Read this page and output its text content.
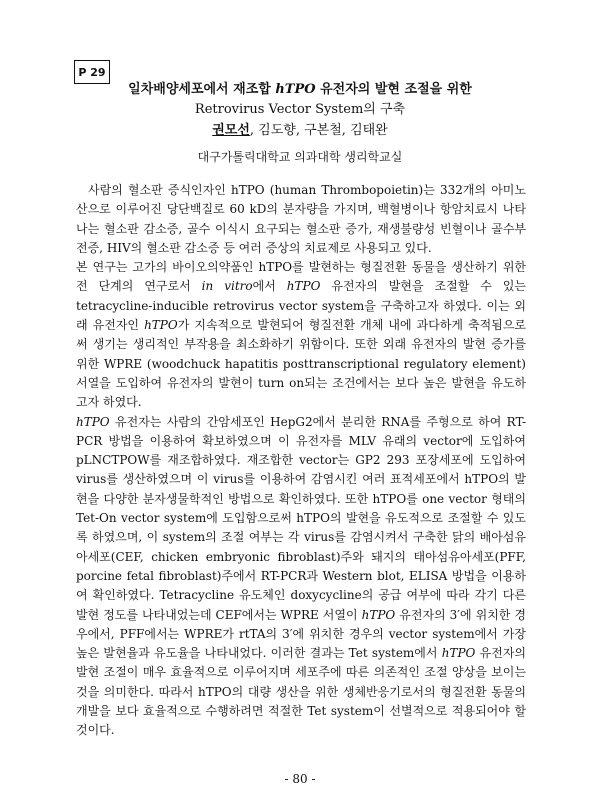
P 29
일차배양세포에서 재조합 hTPO 유전자의 발현 조절을 위한
Retrovirus Vector System의 구축
권모선, 김도향, 구본철, 김태완
대구가톨릭대학교 의과대학 생리학교실

사람의 혈소판 증식인자인 hTPO (human Thrombopoietin)는 332개의 아미노산으로 이루어진 당단백질로 60 kD의 분자량을 가지며, 백혈병이나 항암치료시 나타나는 혈소판 감소증, 골수 이식시 요구되는 혈소판 증가, 재생불량성 빈혈이나 골수부전증, HIV의 혈소판 감소증 등 여러 증상의 치료제로 사용되고 있다.

본 연구는 고가의 바이오의약품인 hTPO를 발현하는 형질전환 동물을 생산하기 위한 전 단계의 연구로서 in vitro에서 hTPO 유전자의 발현을 조절할 수 있는 tetracycline-inducible retrovirus vector system을 구축하고자 하였다. 이는 외래 유전자인 hTPO가 지속적으로 발현되어 형질전환 개체 내에 과다하게 축적됨으로써 생기는 생리적인 부작용을 최소화하기 위함이다. 또한 외래 유전자의 발현 증가를 위한 WPRE (woodchuck hapatitis posttranscriptional regulatory element) 서열을 도입하여 유전자의 발현이 turn on되는 조건에서는 보다 높은 발현을 유도하고자 하였다.

hTPO 유전자는 사람의 간암세포인 HepG2에서 분리한 RNA를 주형으로 하여 RT-PCR 방법을 이용하여 확보하였으며 이 유전자를 MLV 유래의 vector에 도입하여 pLNCTPOW를 재조합하였다. 재조합한 vector는 GP2 293 포장세포에 도입하여 virus를 생산하였으며 이 virus를 이용하여 감염시킨 여러 표적세포에서 hTPO의 발현을 다양한 분자생물학적인 방법으로 확인하였다. 또한 hTPO를 one vector 형태의 Tet-On vector system에 도입함으로써 hTPO의 발현을 유도적으로 조절할 수 있도록 하였으며, 이 system의 조절 여부는 각 virus를 감염시켜서 구축한 닭의 배아섬유아세포(CEF, chicken embryonic fibroblast)주와 돼지의 태아섬유아세포(PFF, porcine fetal fibroblast)주에서 RT-PCR과 Western blot, ELISA 방법을 이용하여 확인하였다. Tetracycline 유도체인 doxycycline의 공급 여부에 따라 각기 다른 발현 정도를 나타내었는데 CEF에서는 WPRE 서열이 hTPO 유전자의 3′에 위치한 경우에서, PFF에서는 WPRE가 rtTA의 3′에 위치한 경우의 vector system에서 가장 높은 발현율과 유도율을 나타내었다. 이러한 결과는 Tet system에서 hTPO 유전자의 발현 조절이 매우 효율적으로 이루어지며 세포주에 따른 의존적인 조절 양상을 보이는 것을 의미한다. 따라서 hTPO의 대량 생산을 위한 생체반응기로서의 형질전환 동물의 개발을 보다 효율적으로 수행하려면 적절한 Tet system이 선별적으로 적용되어야 할 것이다.

- 80 -
